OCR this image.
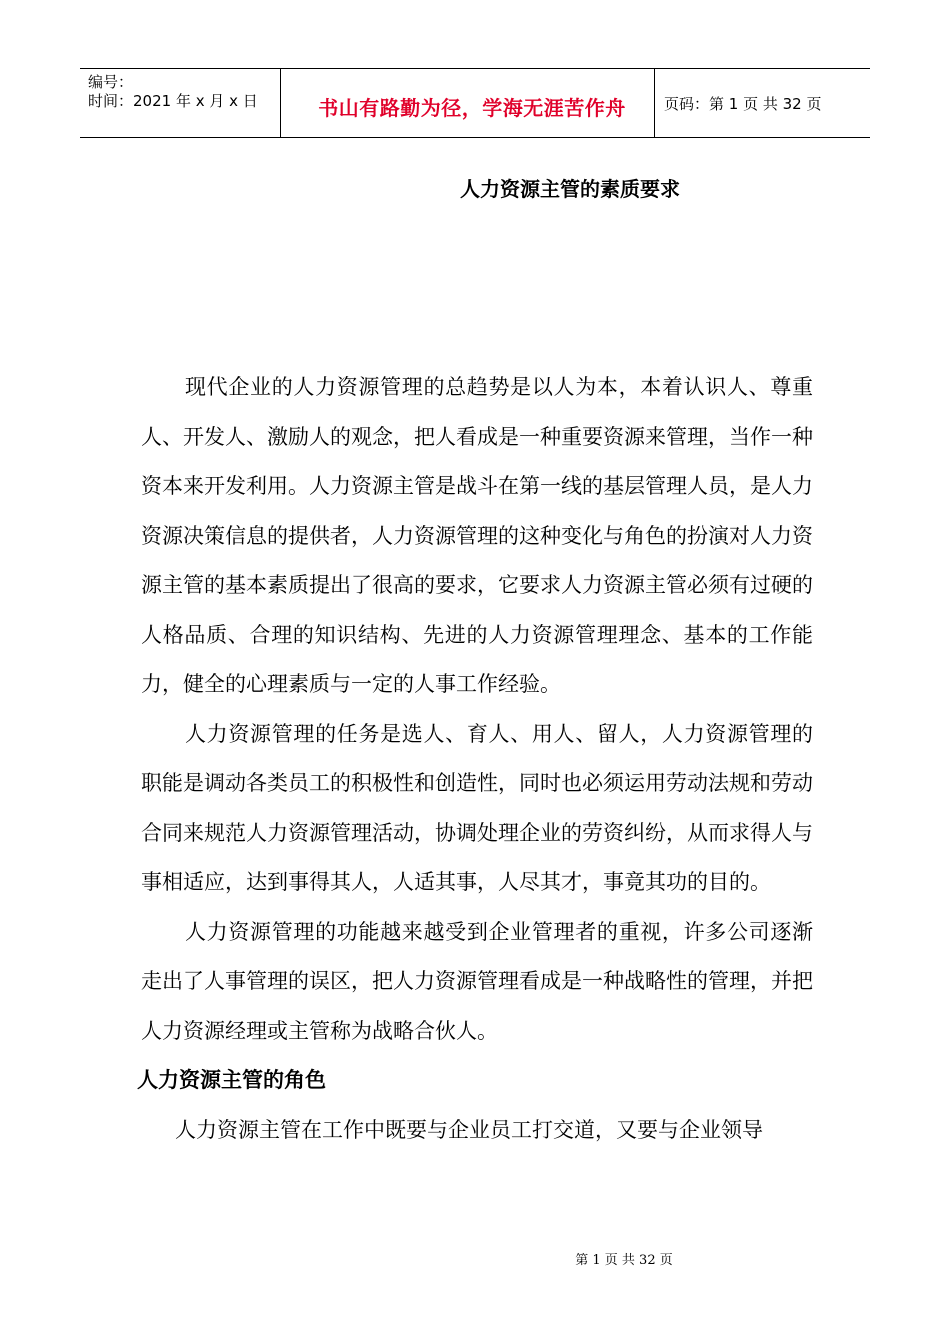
编号：
时间：2021 年 x 月 x 日	书山有路勤为径，学海无涯苦作舟	页码：第 1 页 共 32 页
人力资源主管的素质要求

现代企业的人力资源管理的总趋势是以人为本，本着认识人、尊重人、开发人、激励人的观念，把人看成是一种重要资源来管理，当作一种资本来开发利用。人力资源主管是战斗在第一线的基层管理人员，是人力资源决策信息的提供者，人力资源管理的这种变化与角色的扮演对人力资源主管的基本素质提出了很高的要求，它要求人力资源主管必须有过硬的人格品质、合理的知识结构、先进的人力资源管理理念、基本的工作能力，健全的心理素质与一定的人事工作经验。

人力资源管理的任务是选人、育人、用人、留人，人力资源管理的职能是调动各类员工的积极性和创造性，同时也必须运用劳动法规和劳动合同来规范人力资源管理活动，协调处理企业的劳资纠纷，从而求得人与事相适应，达到事得其人，人适其事，人尽其才，事竟其功的目的。

人力资源管理的功能越来越受到企业管理者的重视，许多公司逐渐走出了人事管理的误区，把人力资源管理看成是一种战略性的管理，并把人力资源经理或主管称为战略合伙人。

人力资源主管的角色

人力资源主管在工作中既要与企业员工打交道，又要与企业领导

第 1 页 共 32 页
